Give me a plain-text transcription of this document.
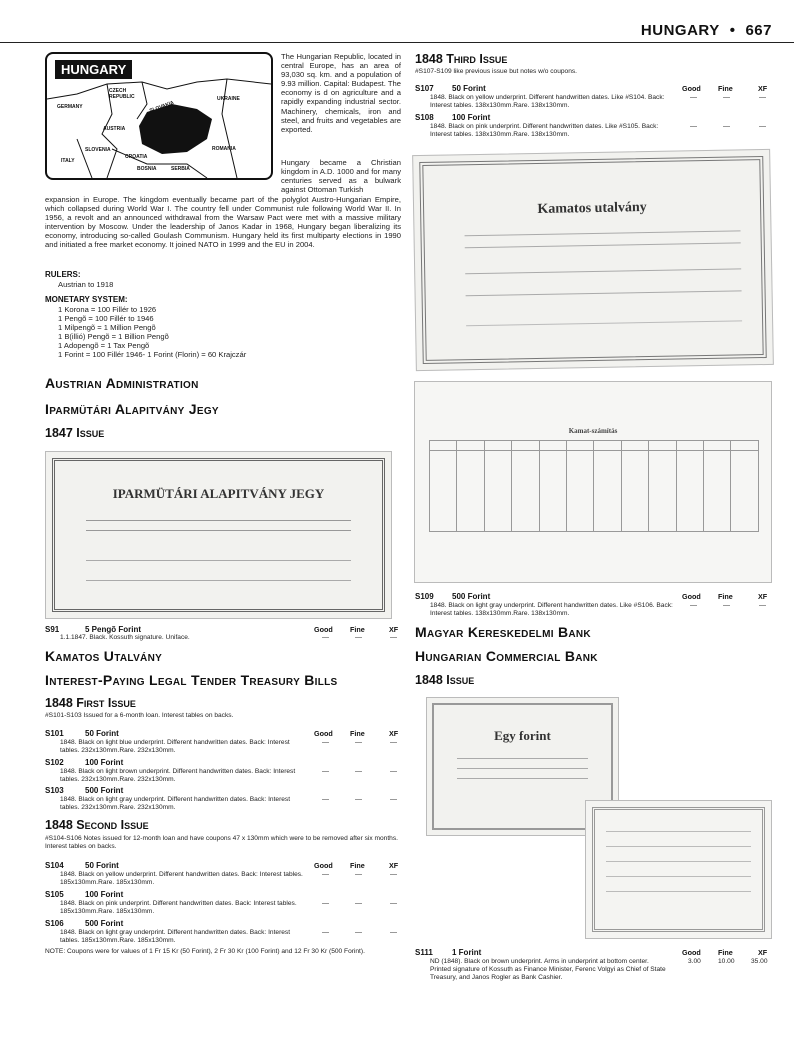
HUNGARY • 667
HUNGARY
CZECH REPUBLIC
SLOVAKIA
UKRAINE
GERMANY
AUSTRIA
SLOVENIA
CROATIA
ROMANIA
ITALY
BOSNIA	SERBIA
The Hungarian Republic, located in central Europe, has an area of 93,030 sq. km. and a population of 9.93 million. Capital: Budapest. The economy is d on agriculture and a rapidly expanding industrial sector. Machinery, chemicals, iron and steel, and fruits and vegetables are exported.
Hungary became a Christian kingdom in A.D. 1000 and for many centuries served as a bulwark against Ottoman Turkish
expansion in Europe. The kingdom eventually became part of the polyglot Austro-Hungarian Empire, which collapsed during World War I. The country fell under Communist rule following World War II. In 1956, a revolt and an announced withdrawal from the Warsaw Pact were met with a massive military intervention by Moscow. Under the leadership of Janos Kadar in 1968, Hungary began liberalizing its economy, introducing so-called Goulash Communism. Hungary held its first multiparty elections in 1990 and initiated a free market economy. It joined NATO in 1999 and the EU in 2004.
RULERS:
Austrian to 1918
MONETARY SYSTEM:
1 Korona = 100 Fillér to 1926
1 Pengõ = 100 Fillér to 1946
1 Milpengõ = 1 Million Pengõ
1 B(illió) Pengõ = 1 Billion Pengõ
1 Adopengõ = 1 Tax Pengõ
1 Forint = 100 Fillér 1946- 1 Forint (Florin) = 60 Krajczár
Austrian Administration
Iparmütári Alapitvány Jegy
1847 Issue
IPARMÜTÁRI ALAPITVÁNY JEGY
S91	5 Pengõ Forint	Good Fine	XF
1.1.1847. Black. Kossuth signature. Uniface.	—	—	—
Kamatos Utalvány
Interest-Paying Legal Tender Treasury Bills
1848 First Issue
#S101-S103 Issued for a 6-month loan. Interest tables on backs.
S101	50 Forint	Good Fine	XF
1848. Black on light blue underprint. Different handwritten dates. Back: Interest tables. 232x130mm.Rare. 232x130mm.
—	—	—
S102	100 Forint
1848. Black on light brown underprint. Different handwritten dates. Back: Interest tables. 232x130mm.Rare. 232x130mm.
—	—	—
S103	500 Forint
1848. Black on light gray underprint. Different handwritten dates. Back: Interest tables. 232x130mm.Rare. 232x130mm.
—	—	—
1848 Second Issue
#S104-S106 Notes issued for 12-month loan and have coupons 47 x 130mm which were to be removed after six months. Interest tables on backs.
S104	50 Forint	Good Fine	XF
1848. Black on yellow underprint. Different handwritten dates. Back: Interest tables. 185x130mm.Rare. 185x130mm.
—	—	—
S105	100 Forint
1848. Black on pink underprint. Different handwritten dates. Back: Interest tables. 185x130mm.Rare. 185x130mm.
—	—	—
S106	500 Forint
1848. Black on light gray underprint. Different handwritten dates. Back: Interest tables. 185x130mm.Rare. 185x130mm.
—	—	—
NOTE: Coupons were for values of 1 Fr 15 Kr (50 Forint), 2 Fr 30 Kr (100 Forint) and 12 Fr 30 Kr (500 Forint).
1848 Third Issue
#S107-S109 like previous issue but notes w/o coupons.
S107 50 Forint	Good Fine	XF
1848. Black on yellow underprint. Different handwritten dates. Like #S104. Back: Interest tables. 138x130mm.Rare. 138x130mm.
—	—	—
S108 100 Forint
1848. Black on pink underprint. Different handwritten dates. Like #S105. Back: Interest tables. 138x130mm.Rare. 138x130mm.
—	—	—
Kamatos utalvány
Kamat-számítás

S109 500 Forint	Good Fine	XF
1848. Black on light gray underprint. Different handwritten dates. Like #S106. Back: Interest tables. 138x130mm.Rare. 138x130mm.
—	—	—
Magyar Kereskedelmi Bank
Hungarian Commercial Bank
1848 Issue
Egy forint
S111 1 Forint	Good Fine	XF
ND (1848). Black on brown underprint. Arms in underprint at bottom center. Printed signature of Kossuth as Finance Minister, Ferenc Volgyi as Chief of State Treasury, and Janos Rogler as Bank Cashier.
3.00	10.00 35.00
